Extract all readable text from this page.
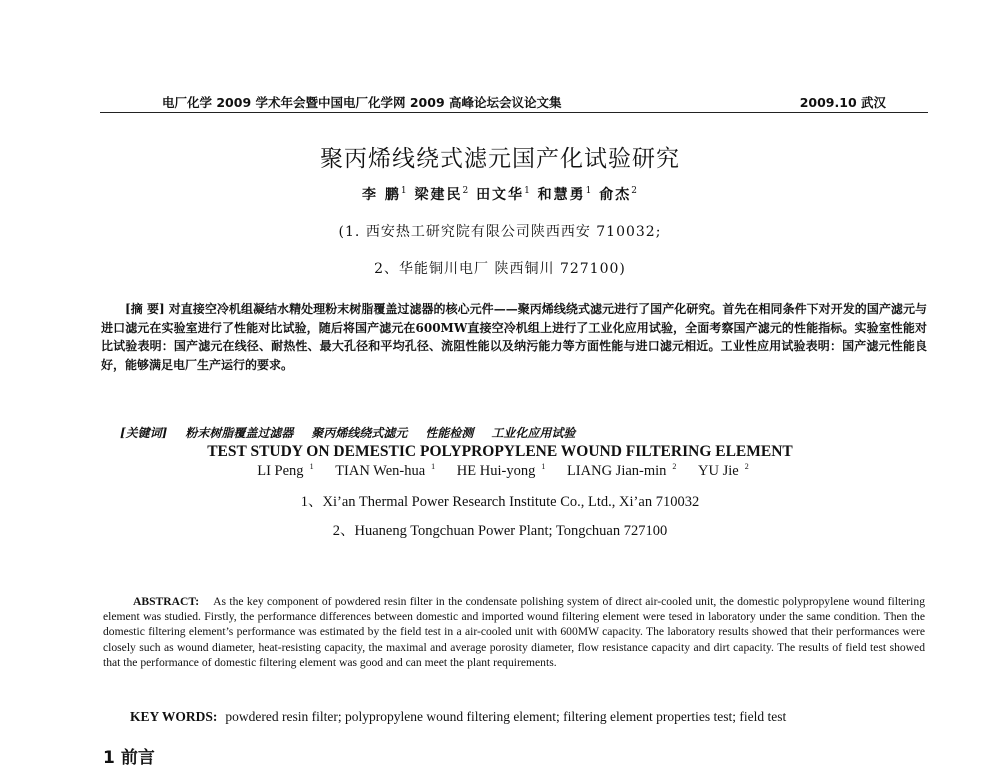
电厂化学 2009 学术年会暨中国电厂化学网 2009 高峰论坛会议论文集	2009.10 武汉
聚丙烯线绕式滤元国产化试验研究
李 鹏$^1$ 梁建民$^2$ 田文华$^1$ 和慧勇$^1$ 俞杰$^2$
(1. 西安热工研究院有限公司陕西西安 710032;
2、华能铜川电厂 陕西铜川 727100)

[摘 要] 对直接空冷机组凝结水精处理粉末树脂覆盖过滤器的核心元件——聚丙烯线绕式滤元进行了国产化研究。首先在相同条件下对开发的国产滤元与进口滤元在实验室进行了性能对比试验，随后将国产滤元在600MW直接空冷机组上进行了工业化应用试验，全面考察国产滤元的性能指标。实验室性能对比试验表明：国产滤元在线径、耐热性、最大孔径和平均孔径、流阻性能以及纳污能力等方面性能与进口滤元相近。工业性应用试验表明：国产滤元性能良好，能够满足电厂生产运行的要求。

[关键词] 粉末树脂覆盖过滤器 聚丙烯线绕式滤元 性能检测 工业化应用试验
TEST STUDY ON DEMESTIC POLYPROPYLENE WOUND FILTERING ELEMENT
LI Peng $^1$ TIAN Wen-hua $^1$ HE Hui-yong $^1$ LIANG Jian-min $^2$ YU Jie $^2$
1、Xi’an Thermal Power Research Institute Co., Ltd., Xi’an 710032
2、Huaneng Tongchuan Power Plant; Tongchuan 727100

ABSTRACT: As the key component of powdered resin filter in the condensate polishing system of direct air-cooled unit, the domestic polypropylene wound filtering element was studied. Firstly, the performance differences between domestic and imported wound filtering element were tesed in laboratory under the same condition. Then the domestic filtering element’s performance was estimated by the field test in a air-cooled unit with 600MW capacity. The laboratory results showed that their performances were closely such as wound diameter, heat-resisting capacity, the maximal and average porosity diameter, flow resistance capacity and dirt capacity. The results of field test showed that the performance of domestic filtering element was good and can meet the plant requirements.

KEY WORDS: powdered resin filter; polypropylene wound filtering element; filtering element properties test; field test
1 前言
